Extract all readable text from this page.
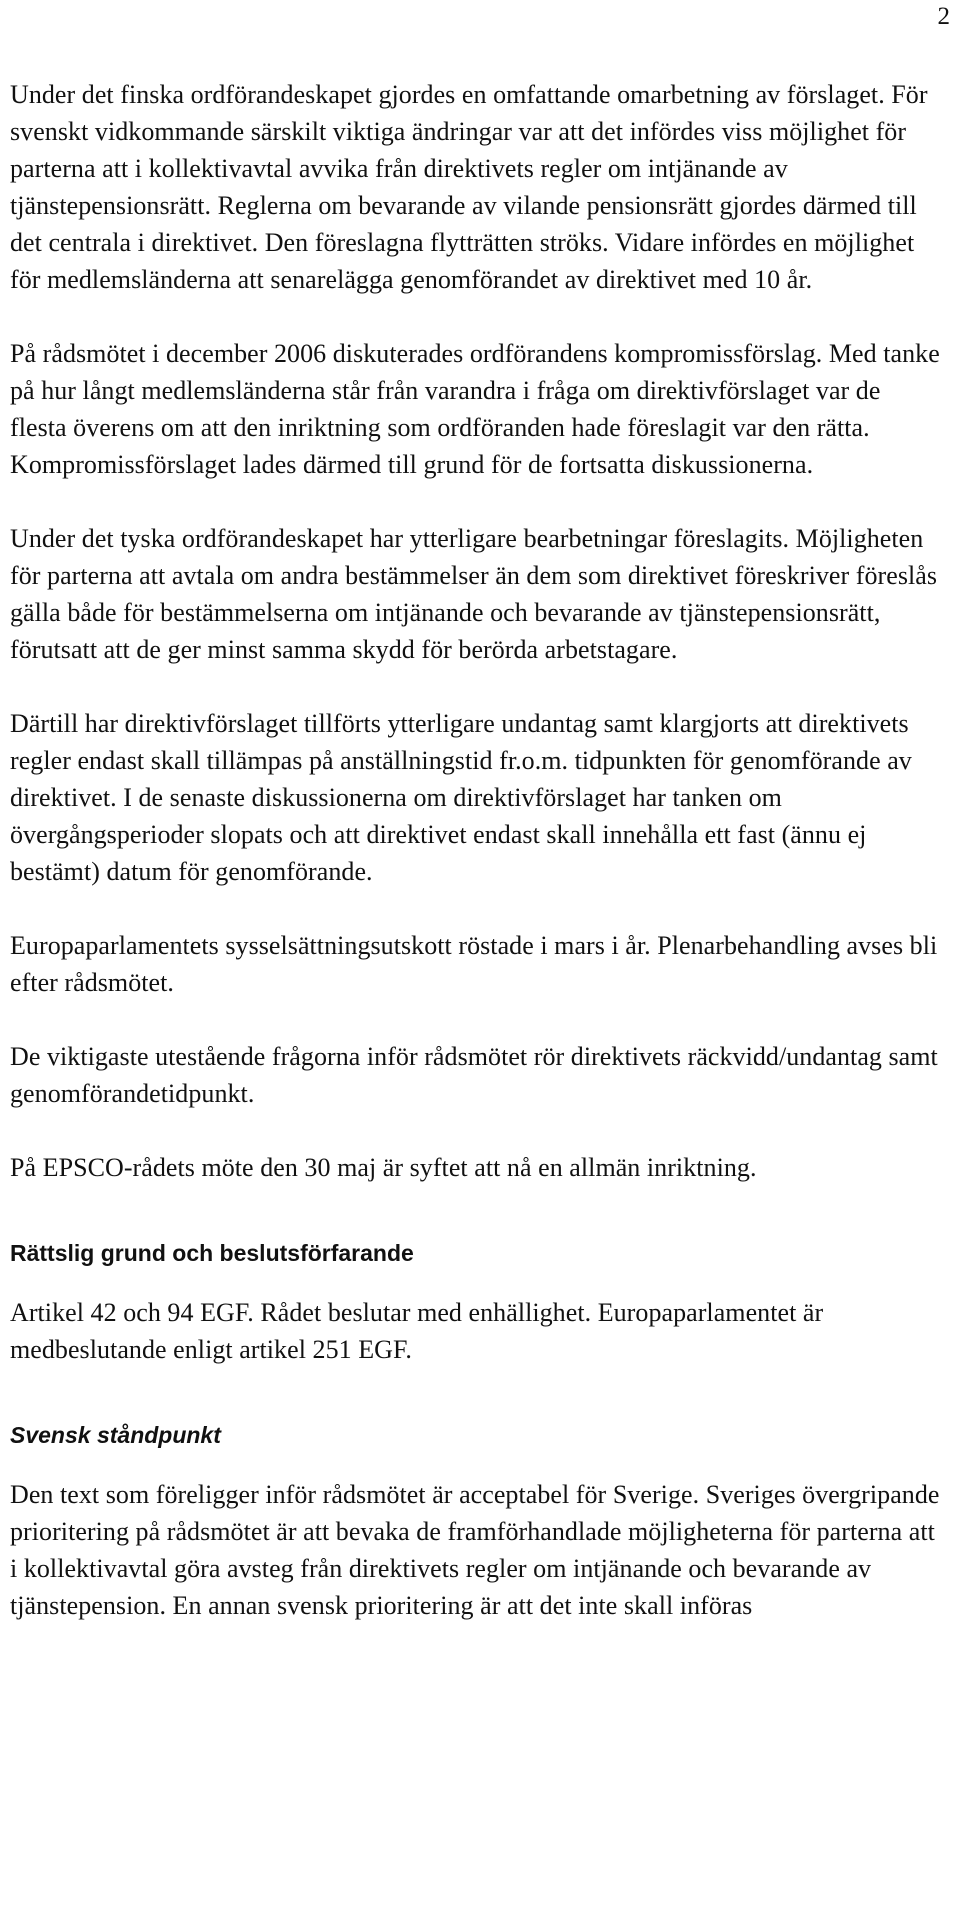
2

Under det finska ordförandeskapet gjordes en omfattande omarbetning av förslaget. För svenskt vidkommande särskilt viktiga ändringar var att det infördes viss möjlighet för parterna att i kollektivavtal avvika från direktivets regler om intjänande av tjänstepensionsrätt. Reglerna om bevarande av vilande pensionsrätt gjordes därmed till det centrala i direktivet. Den föreslagna flytträtten ströks. Vidare infördes en möjlighet för medlemsländerna att senarelägga genomförandet av direktivet med 10 år.

På rådsmötet i december 2006 diskuterades ordförandens kompromissförslag. Med tanke på hur långt medlemsländerna står från varandra i fråga om direktivförslaget var de flesta överens om att den inriktning som ordföranden hade föreslagit var den rätta. Kompromissförslaget lades därmed till grund för de fortsatta diskussionerna.

Under det tyska ordförandeskapet har ytterligare bearbetningar föreslagits. Möjligheten för parterna att avtala om andra bestämmelser än dem som direktivet föreskriver föreslås gälla både för bestämmelserna om intjänande och bevarande av tjänstepensionsrätt, förutsatt att de ger minst samma skydd för berörda arbetstagare.

Därtill har direktivförslaget tillförts ytterligare undantag samt klargjorts att direktivets regler endast skall tillämpas på anställningstid fr.o.m. tidpunkten för genomförande av direktivet. I de senaste diskussionerna om direktivförslaget har tanken om övergångsperioder slopats och att direktivet endast skall innehålla ett fast (ännu ej bestämt) datum för genomförande.

Europaparlamentets sysselsättningsutskott röstade i mars i år. Plenarbehandling avses bli efter rådsmötet.

De viktigaste utestående frågorna inför rådsmötet rör direktivets räckvidd/undantag samt genomförandetidpunkt.

På EPSCO-rådets möte den 30 maj är syftet att nå en allmän inriktning.

Rättslig grund och beslutsförfarande

Artikel 42 och 94 EGF. Rådet beslutar med enhällighet. Europaparlamentet är medbeslutande enligt artikel 251 EGF.

Svensk ståndpunkt

Den text som föreligger inför rådsmötet är acceptabel för Sverige. Sveriges övergripande prioritering på rådsmötet är att bevaka de framförhandlade möjligheterna för parterna att i kollektivavtal göra avsteg från direktivets regler om intjänande och bevarande av tjänstepension. En annan svensk prioritering är att det inte skall införas
